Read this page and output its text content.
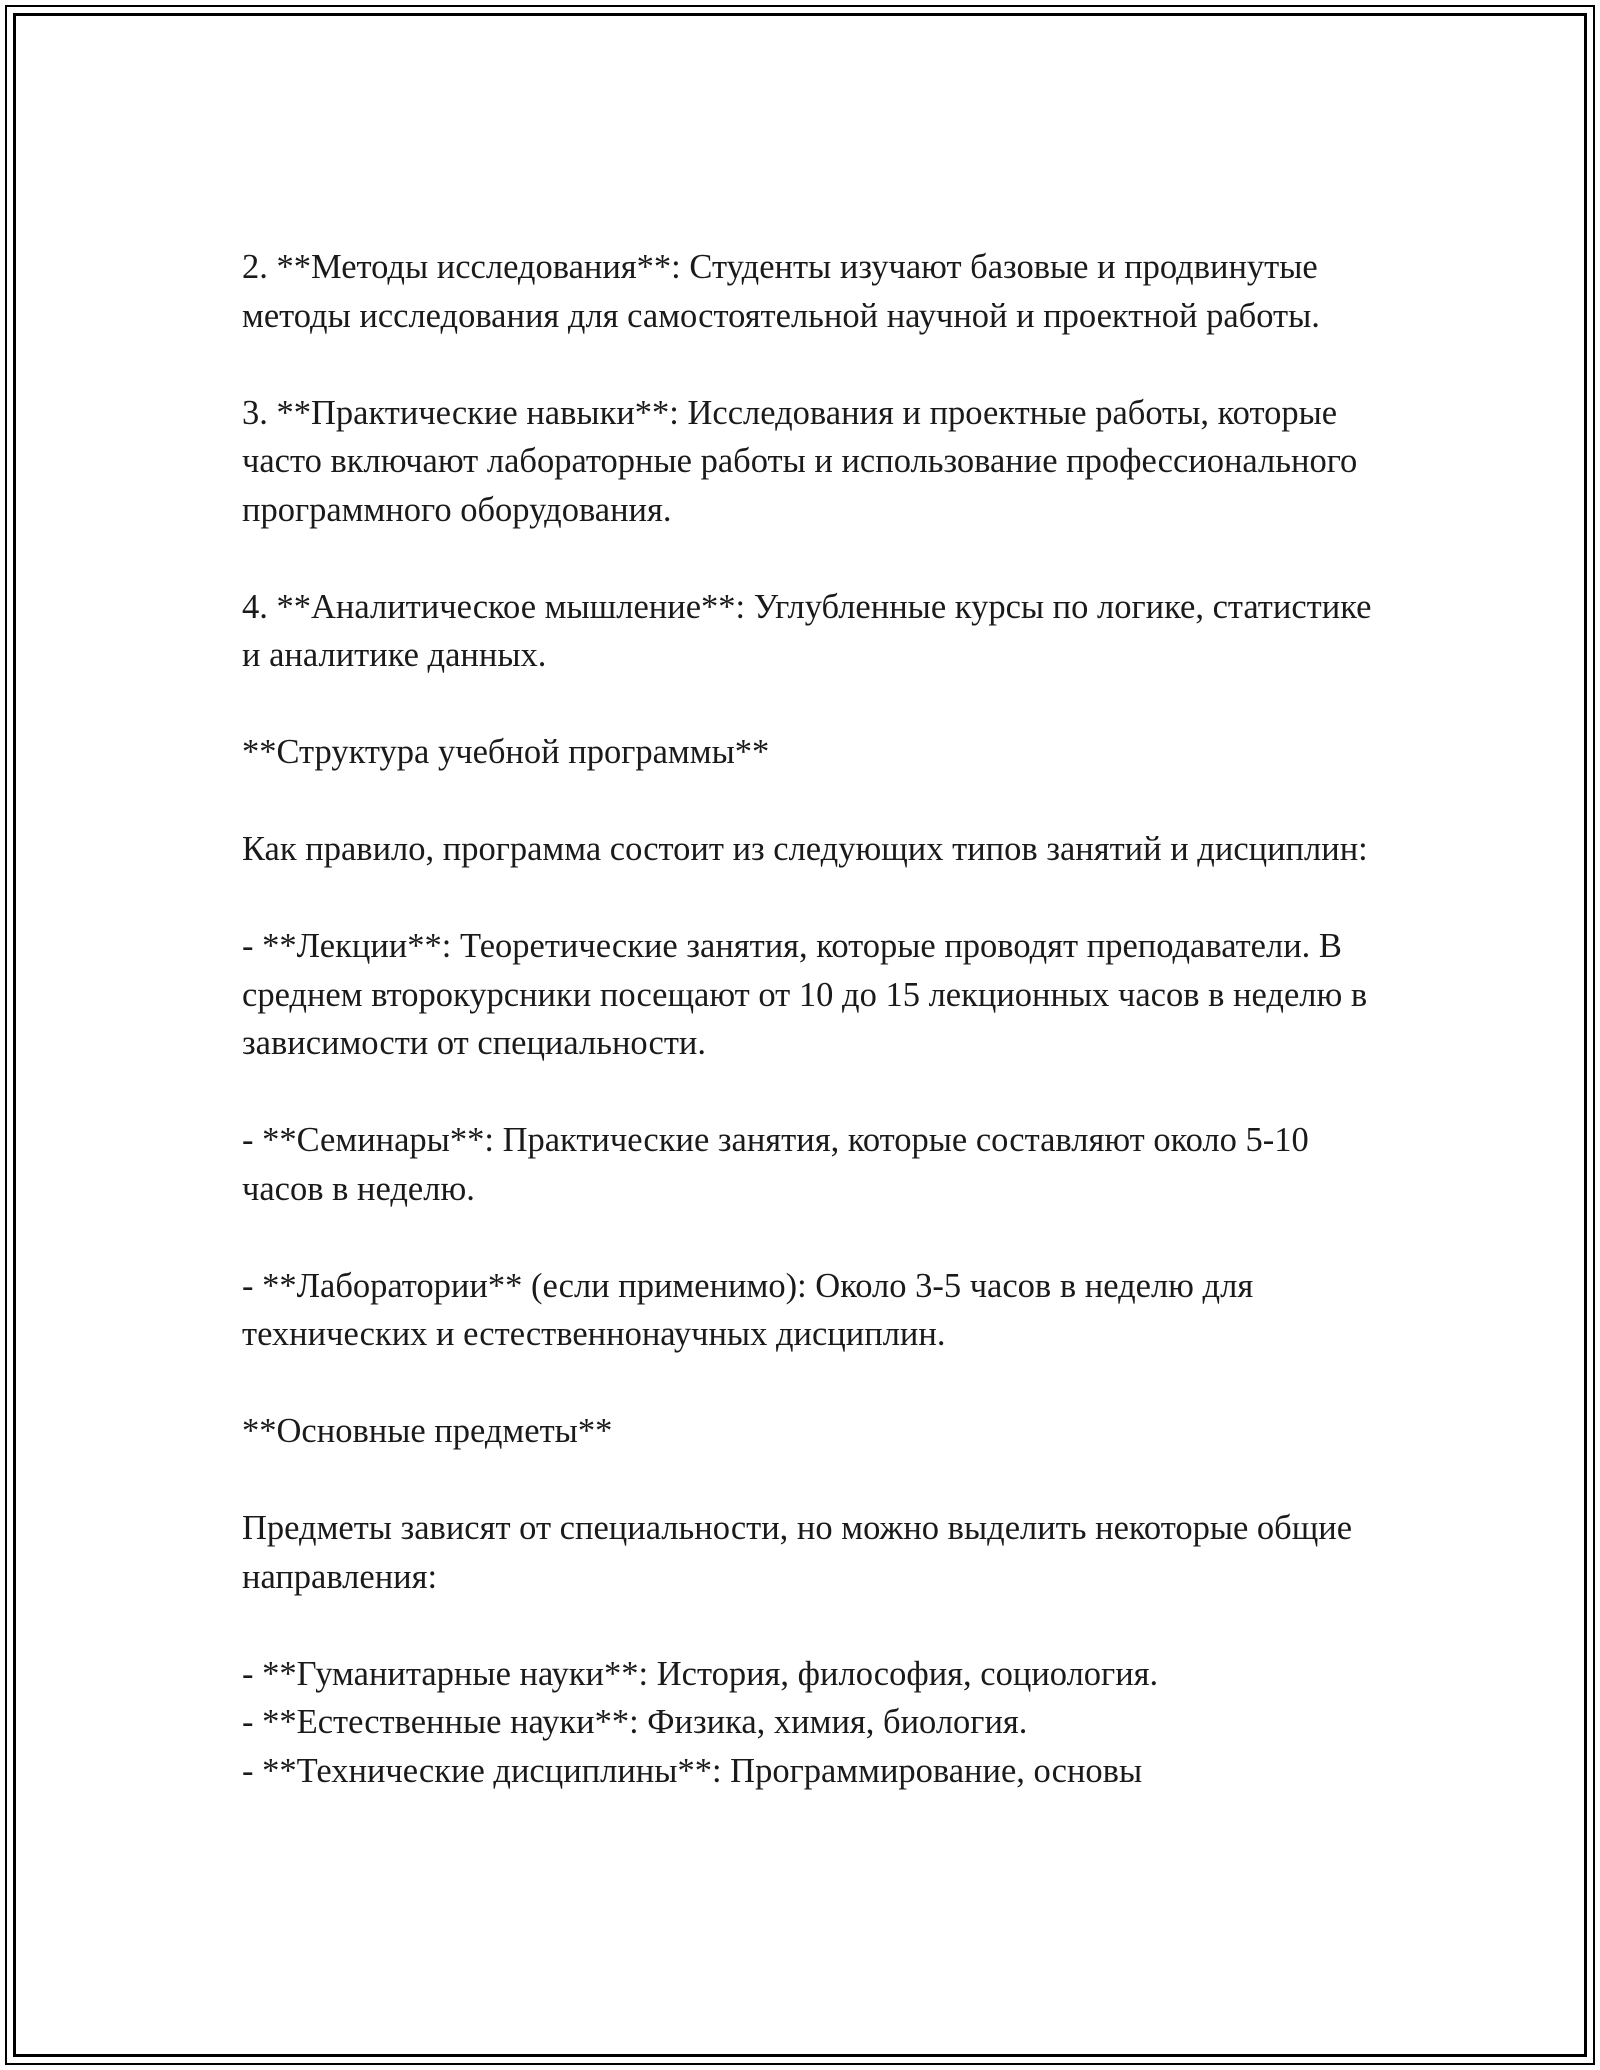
2. **Методы исследования**: Студенты изучают базовые и продвинутые методы исследования для самостоятельной научной и проектной работы.

3. **Практические навыки**: Исследования и проектные работы, которые часто включают лабораторные работы и использование профессионального программного оборудования.

4. **Аналитическое мышление**: Углубленные курсы по логике, статистике и аналитике данных.

**Структура учебной программы**

Как правило, программа состоит из следующих типов занятий и дисциплин:

- **Лекции**: Теоретические занятия, которые проводят преподаватели. В среднем второкурсники посещают от 10 до 15 лекционных часов в неделю в зависимости от специальности.

- **Семинары**: Практические занятия, которые составляют около 5-10 часов в неделю.

- **Лаборатории** (если применимо): Около 3-5 часов в неделю для технических и естественнонаучных дисциплин.

**Основные предметы**

Предметы зависят от специальности, но можно выделить некоторые общие направления:

- **Гуманитарные науки**: История, философия, социология.

- **Естественные науки**: Физика, химия, биология.

- **Технические дисциплины**: Программирование, основы
